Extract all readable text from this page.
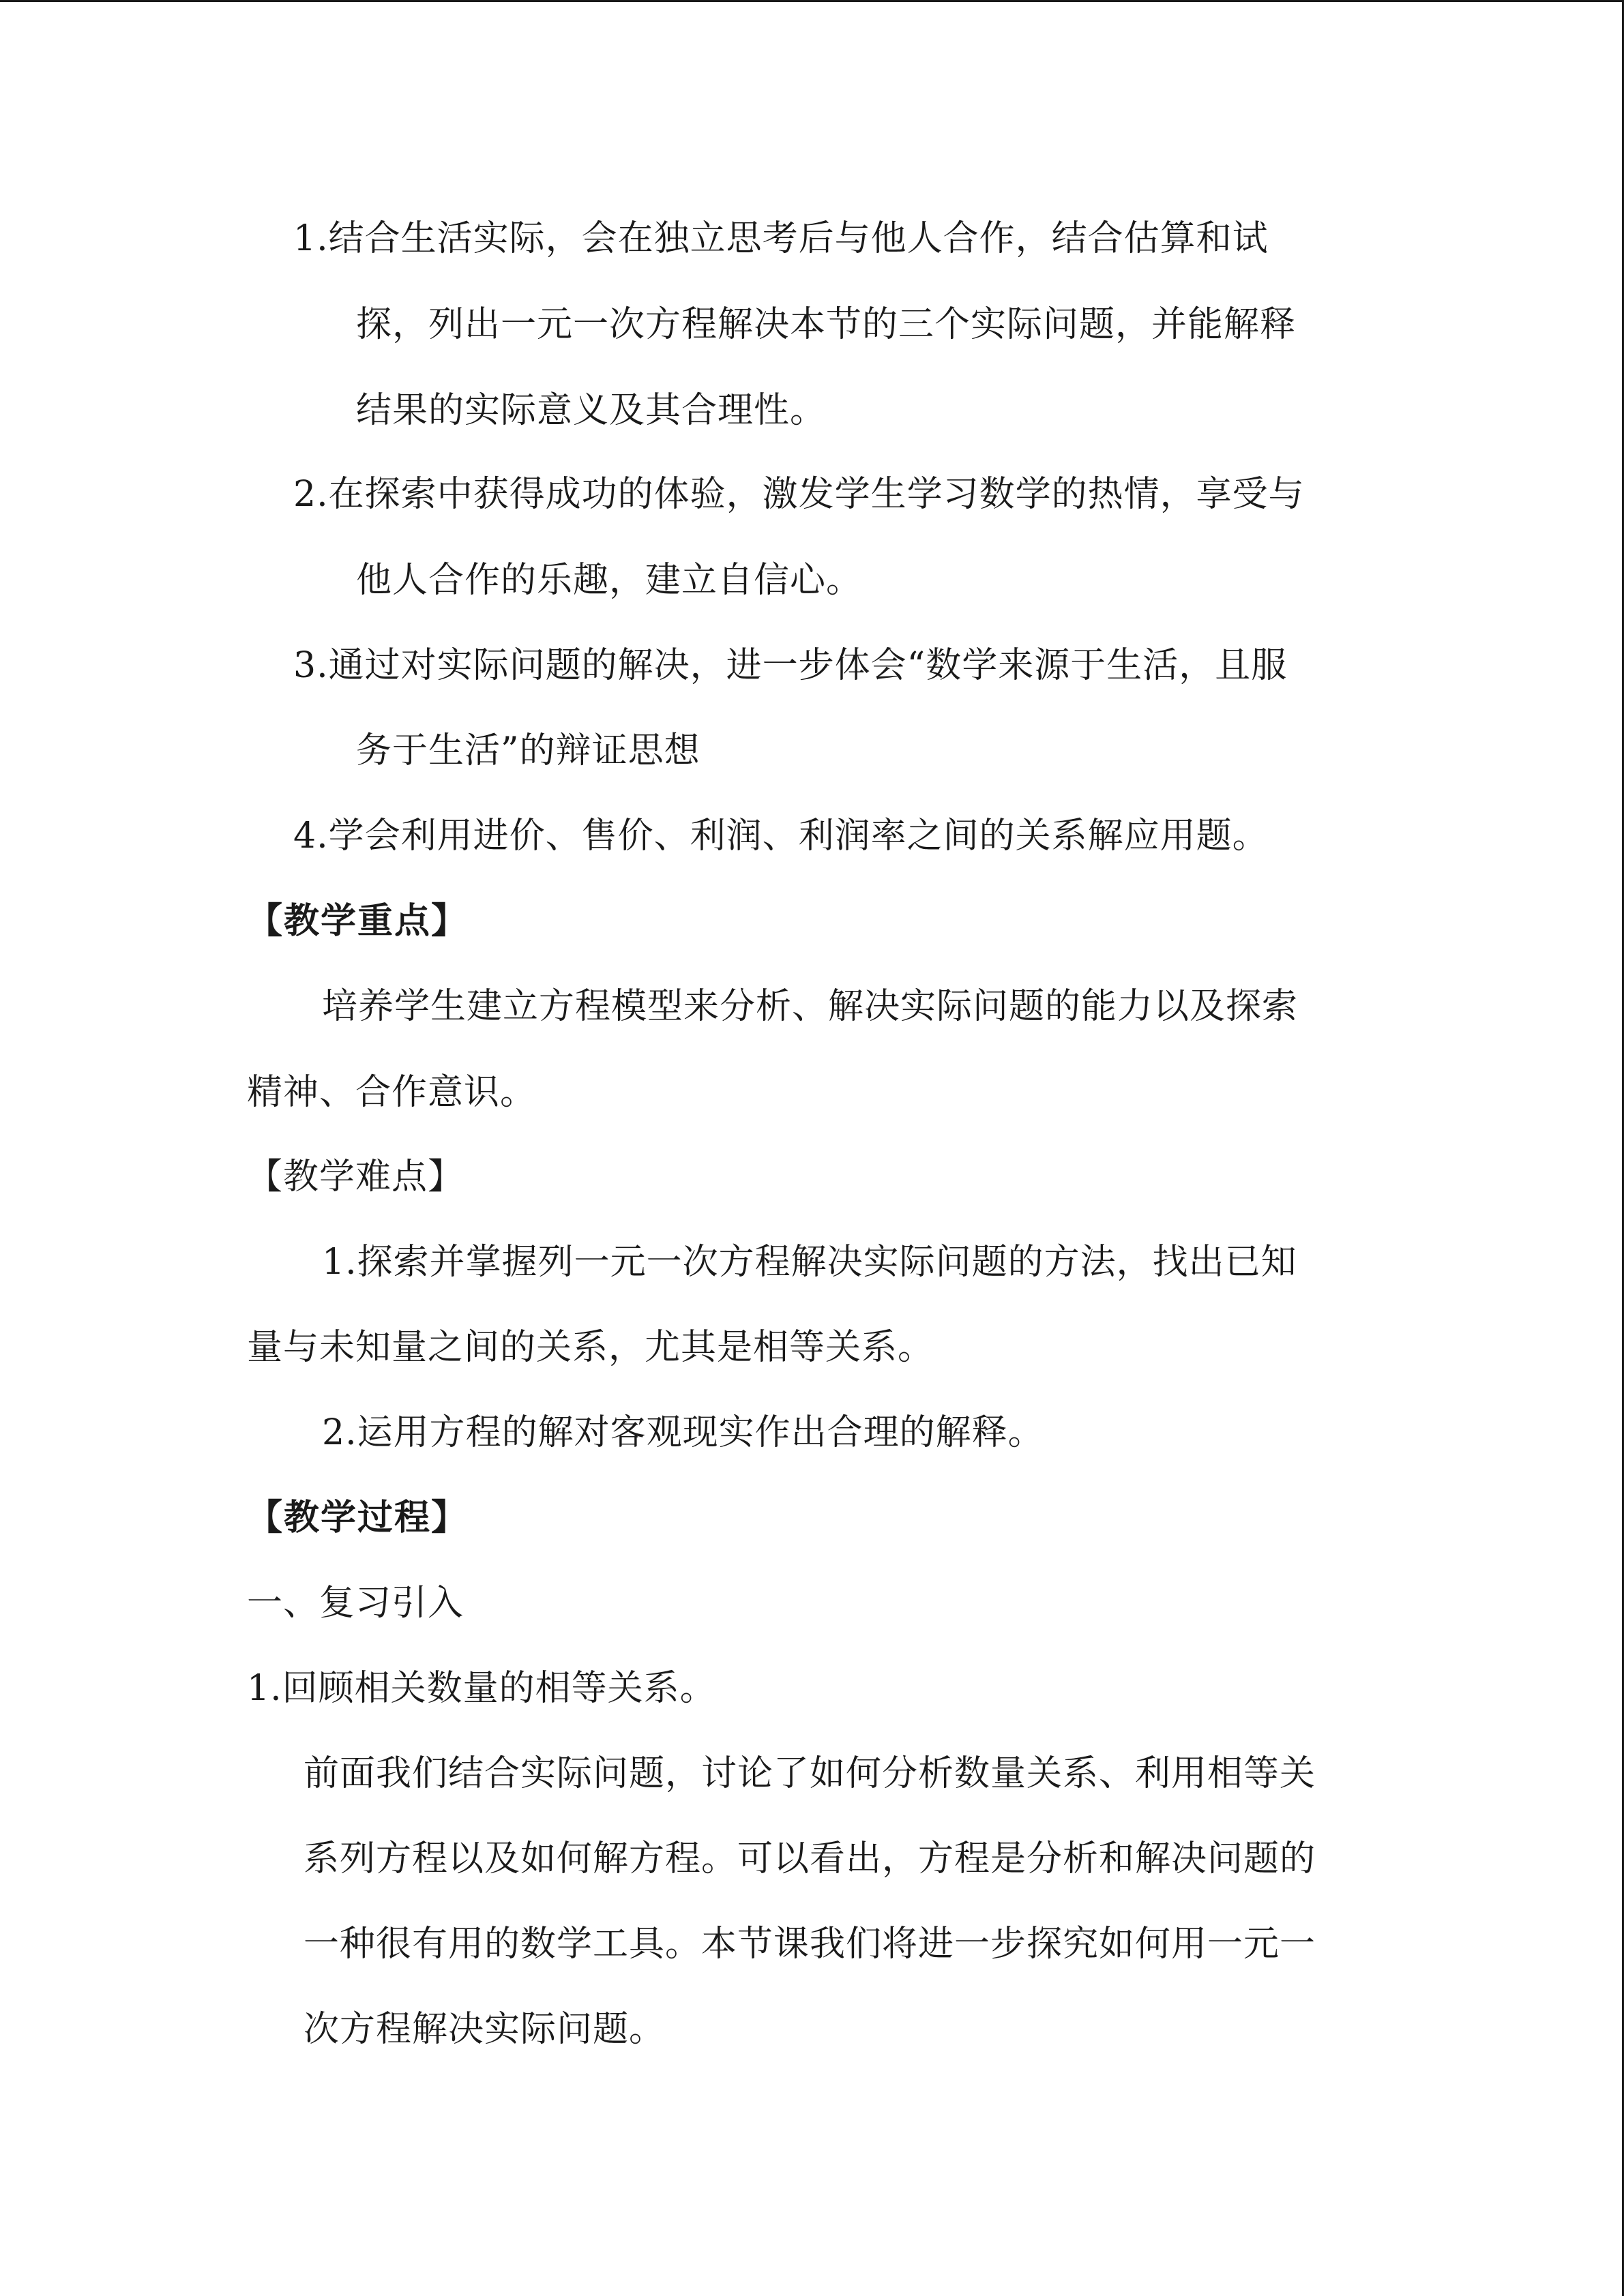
1.结合生活实际，会在独立思考后与他人合作，结合估算和试
探，列出一元一次方程解决本节的三个实际问题，并能解释
结果的实际意义及其合理性。
2.在探索中获得成功的体验，激发学生学习数学的热情，享受与
他人合作的乐趣，建立自信心。
3.通过对实际问题的解决，进一步体会“数学来源于生活，且服
务于生活”的辩证思想
4.学会利用进价、售价、利润、利润率之间的关系解应用题。
【教学重点】
培养学生建立方程模型来分析、解决实际问题的能力以及探索
精神、合作意识。
【教学难点】
1.探索并掌握列一元一次方程解决实际问题的方法，找出已知
量与未知量之间的关系，尤其是相等关系。
2.运用方程的解对客观现实作出合理的解释。
【教学过程】
一、复习引入
1.回顾相关数量的相等关系。
前面我们结合实际问题，讨论了如何分析数量关系、利用相等关
系列方程以及如何解方程。可以看出，方程是分析和解决问题的
一种很有用的数学工具。本节课我们将进一步探究如何用一元一
次方程解决实际问题。
